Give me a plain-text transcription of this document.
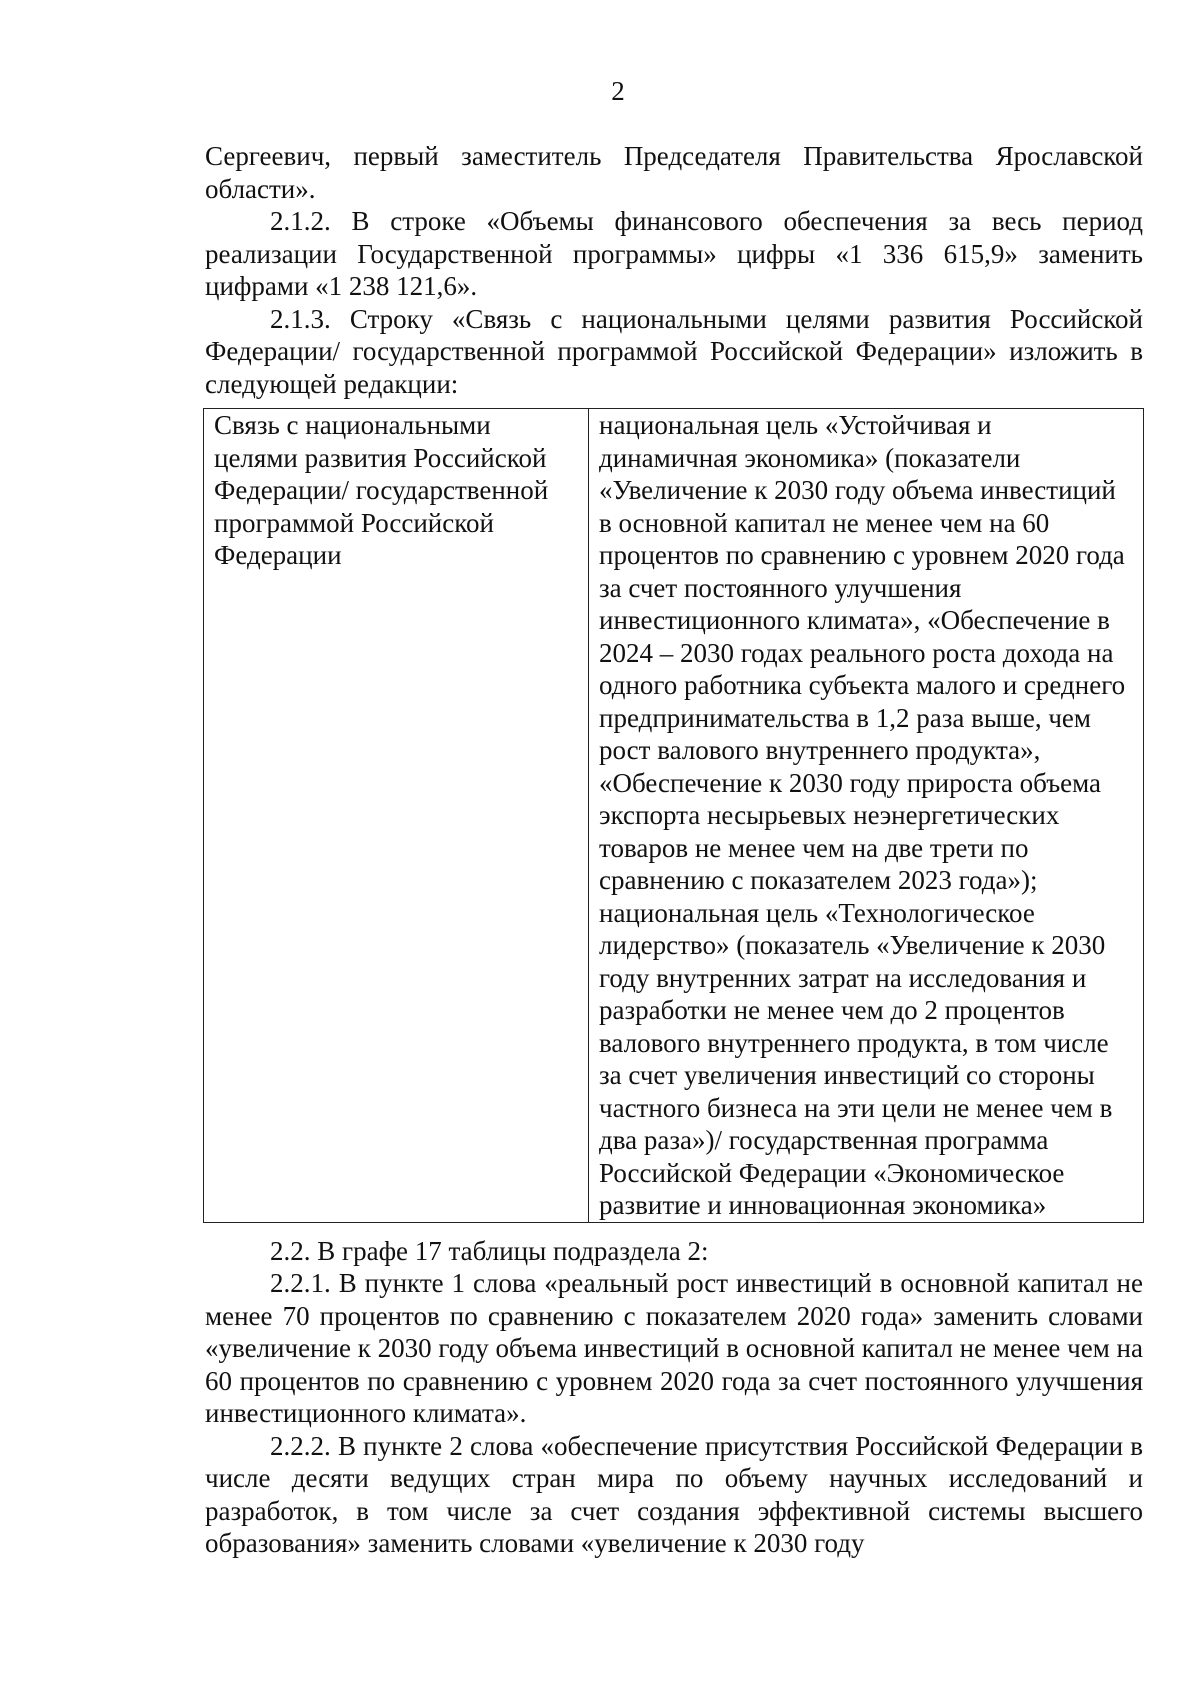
2

Сергеевич, первый заместитель Председателя Правительства Ярославской области».

2.1.2. В строке «Объемы финансового обеспечения за весь период реализации Государственной программы» цифры «1 336 615,9» заменить цифрами «1 238 121,6».

2.1.3. Строку «Связь с национальными целями развития Российской Федерации/ государственной программой Российской Федерации» изложить в следующей редакции:

Связь с национальными целями развития Российской Федерации/ государственной программой Российской Федерации	национальная цель «Устойчивая и динамичная экономика» (показатели «Увеличение к 2030 году объема инвестиций в основной капитал не менее чем на 60 процентов по сравнению с уровнем 2020 года за счет постоянного улучшения инвестиционного климата», «Обеспечение в 2024 – 2030 годах реального роста дохода на одного работника субъекта малого и среднего предпринимательства в 1,2 раза выше, чем рост валового внутреннего продукта», «Обеспечение к 2030 году прироста объема экспорта несырьевых неэнергетических товаров не менее чем на две трети по сравнению с показателем 2023 года»); национальная цель «Технологическое лидерство» (показатель «Увеличение к 2030 году внутренних затрат на исследования и разработки не менее чем до 2 процентов валового внутреннего продукта, в том числе за счет увеличения инвестиций со стороны частного бизнеса на эти цели не менее чем в два раза»)/ государственная программа Российской Федерации «Экономическое развитие и инновационная экономика»

2.2. В графе 17 таблицы подраздела 2:

2.2.1. В пункте 1 слова «реальный рост инвестиций в основной капитал не менее 70 процентов по сравнению с показателем 2020 года» заменить словами «увеличение к 2030 году объема инвестиций в основной капитал не менее чем на 60 процентов по сравнению с уровнем 2020 года за счет постоянного улучшения инвестиционного климата».

2.2.2. В пункте 2 слова «обеспечение присутствия Российской Федерации в числе десяти ведущих стран мира по объему научных исследований и разработок, в том числе за счет создания эффективной системы высшего образования» заменить словами «увеличение к 2030 году
